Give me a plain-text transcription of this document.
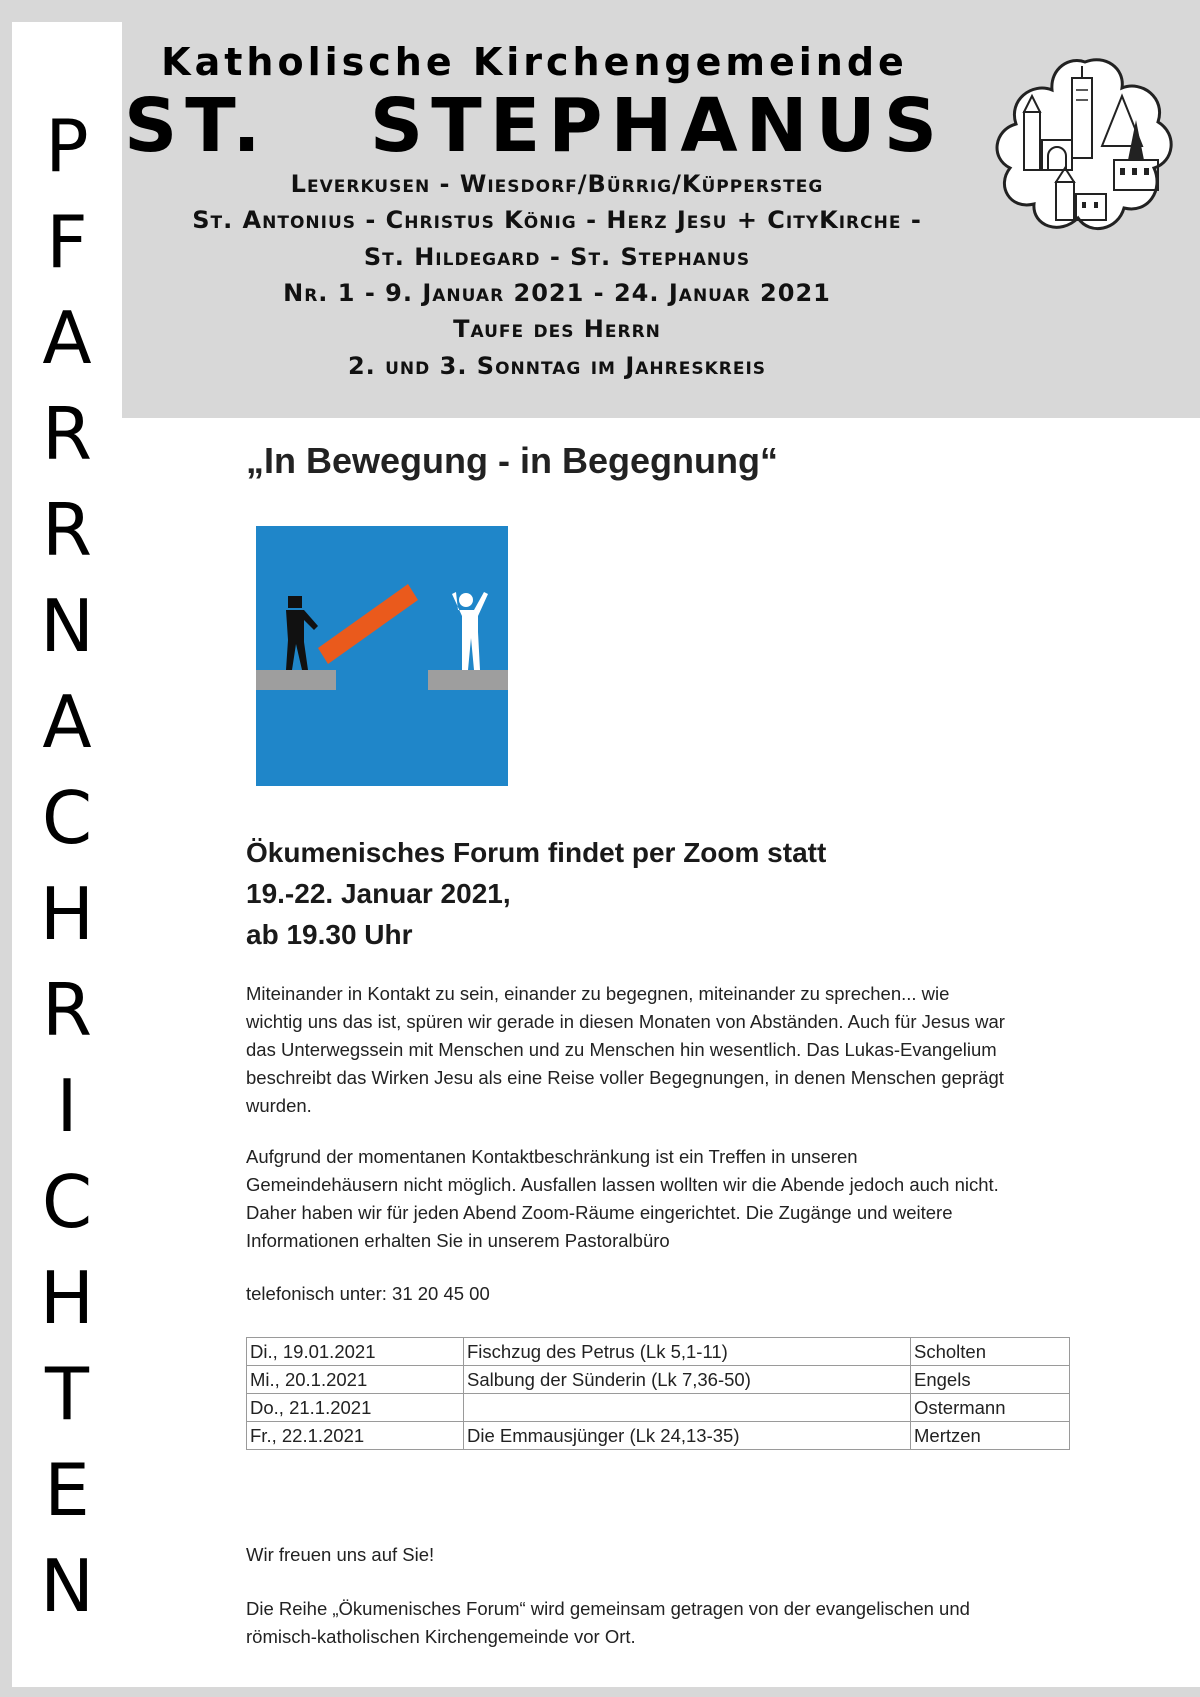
P
F
A
R
R
N
A
C
H
R
I
C
H
T
E
N
Katholische Kirchengemeinde
ST.   STEPHANUS
Leverkusen - Wiesdorf/Bürrig/Küppersteg
St. Antonius - Christus König - Herz Jesu + CityKirche -
St. Hildegard - St. Stephanus
Nr. 1 - 9. Januar 2021 - 24. Januar 2021
Taufe des Herrn
2. und 3. Sonntag im Jahreskreis
„In Bewegung - in Begegnung“
Ökumenisches Forum findet per Zoom statt
19.-22. Januar 2021,
ab 19.30 Uhr
Miteinander in Kontakt zu sein, einander zu begegnen, miteinander zu sprechen... wie
wichtig uns das ist, spüren wir gerade in diesen Monaten von Abständen. Auch für Jesus war
das Unterwegssein mit Menschen und zu Menschen hin wesentlich. Das Lukas-Evangelium
beschreibt das Wirken Jesu als eine Reise voller Begegnungen, in denen Menschen geprägt
wurden.
Aufgrund der momentanen Kontaktbeschränkung ist ein Treffen in unseren
Gemeindehäusern nicht möglich. Ausfallen lassen wollten wir die Abende jedoch auch nicht.
Daher haben wir für jeden Abend Zoom-Räume eingerichtet. Die Zugänge und weitere
Informationen erhalten Sie in unserem Pastoralbüro
telefonisch unter: 31 20 45 00
Di., 19.01.2021	Fischzug des Petrus (Lk 5,1-11)	Scholten
Mi., 20.1.2021	Salbung der Sünderin (Lk 7,36-50)	Engels
Do., 21.1.2021		Ostermann
Fr., 22.1.2021	Die Emmausjünger (Lk 24,13-35)	Mertzen
Wir freuen uns auf Sie!
Die Reihe „Ökumenisches Forum“ wird gemeinsam getragen von der evangelischen und
römisch-katholischen Kirchengemeinde vor Ort.
